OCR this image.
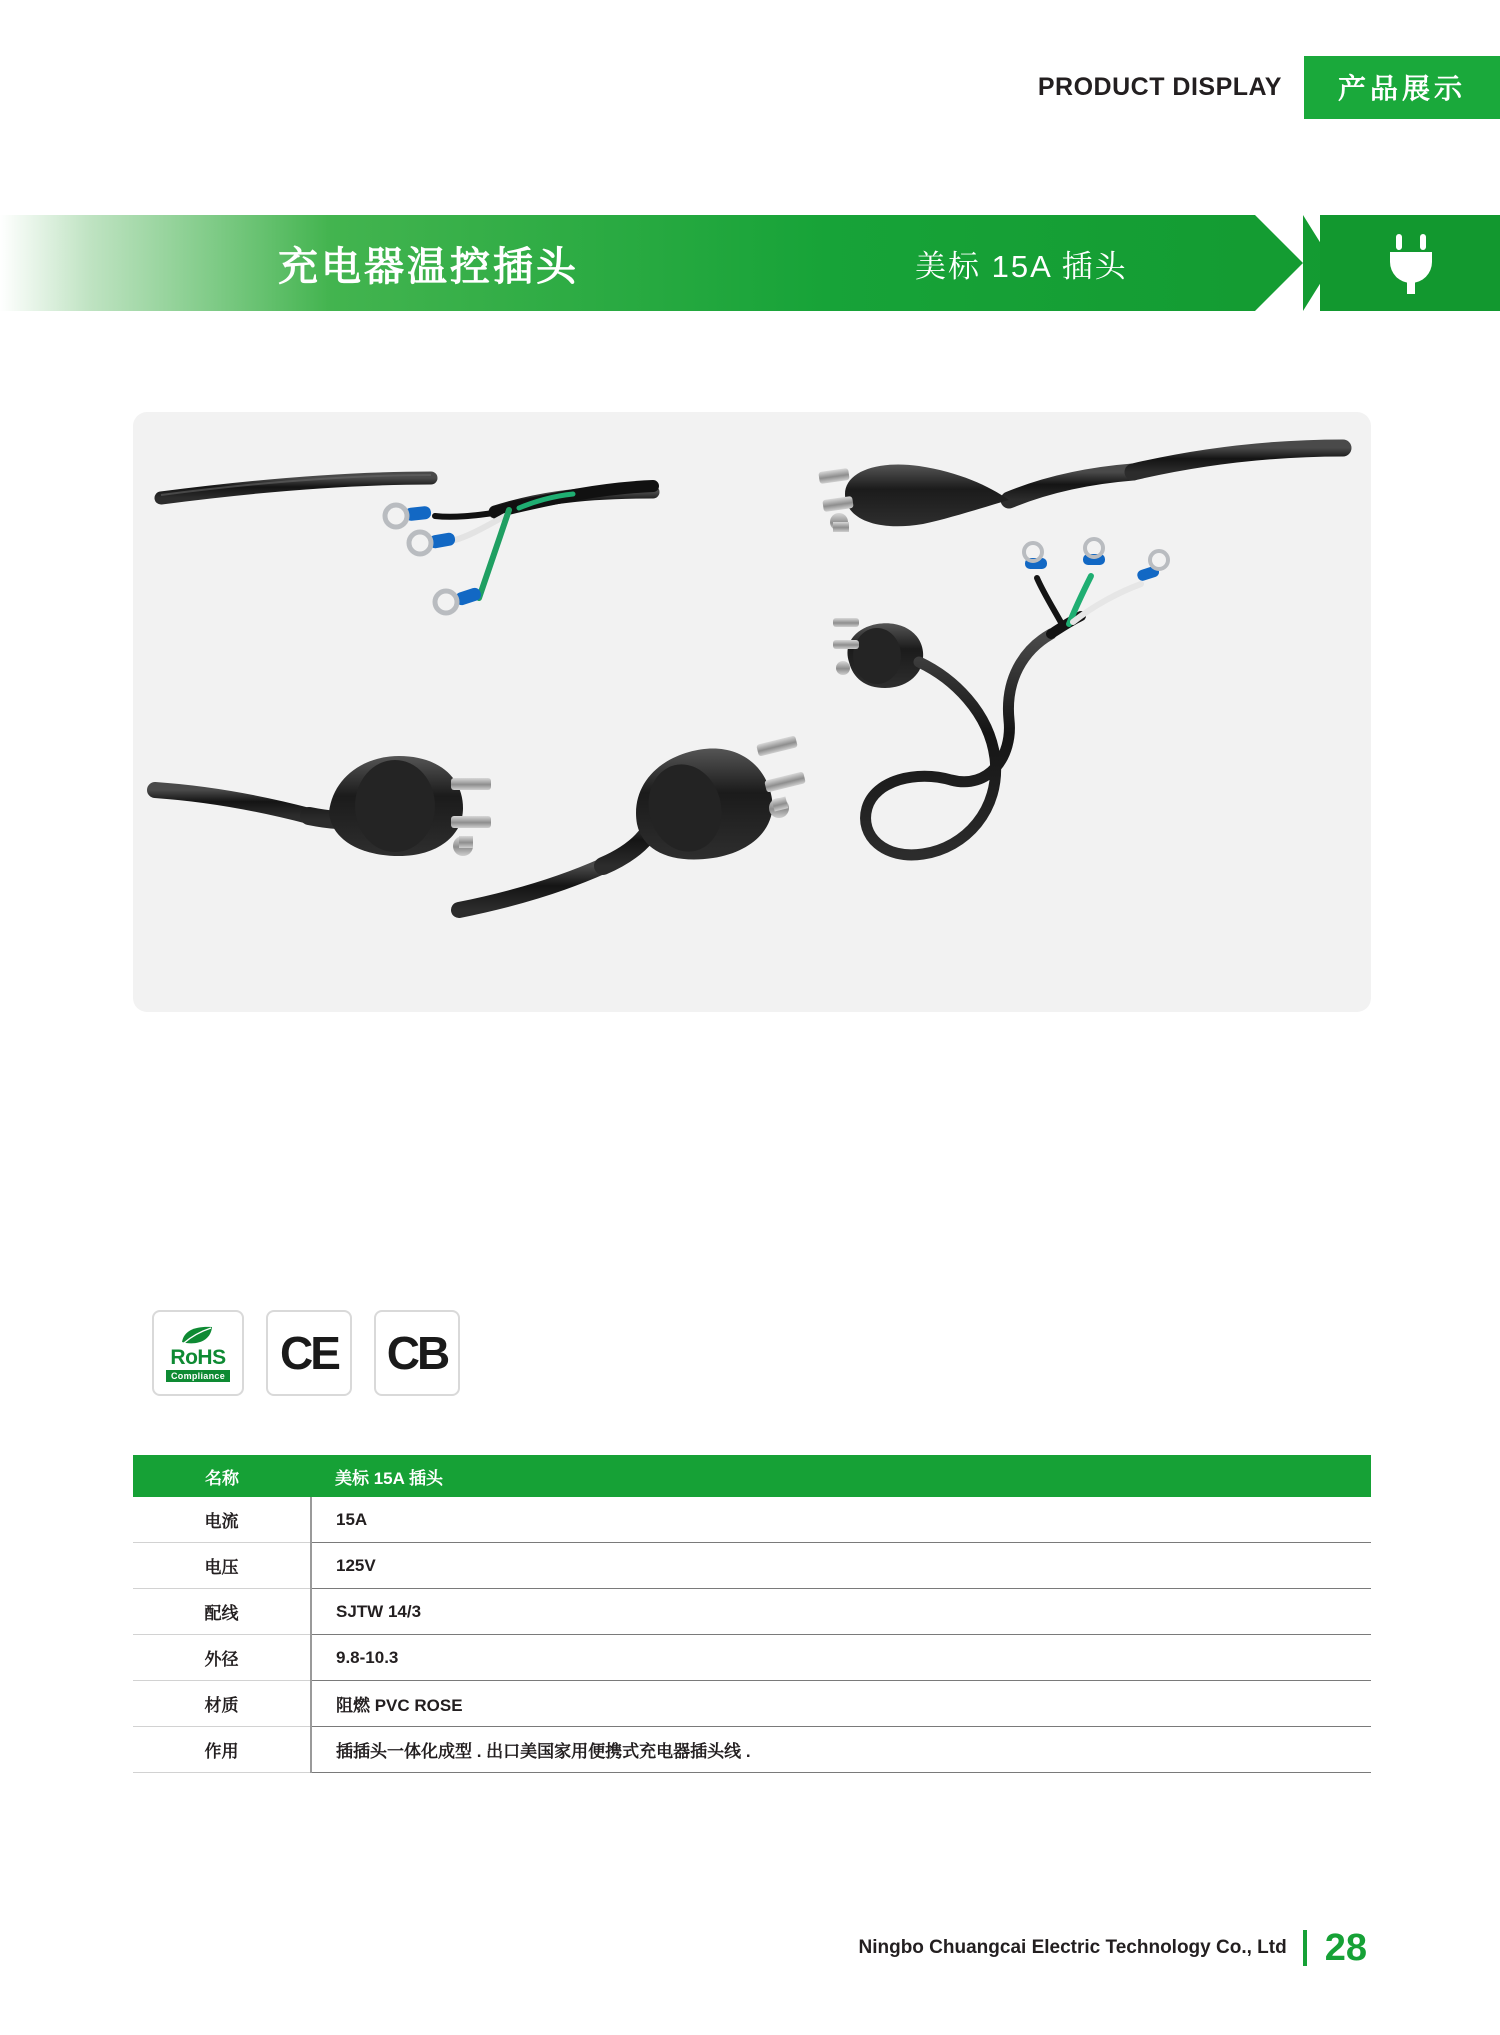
PRODUCT DISPLAY	产品展示
充电器温控插头	美标 15A 插头
RoHS
Compliance CE CB
名称	美标 15A 插头
电流	15A
电压	125V
配线	SJTW 14/3
外径	9.8-10.3
材质	阻燃 PVC ROSE
作用	插插头一体化成型 . 出口美国家用便携式充电器插头线 .
Ningbo Chuangcai Electric Technology Co., Ltd 28
